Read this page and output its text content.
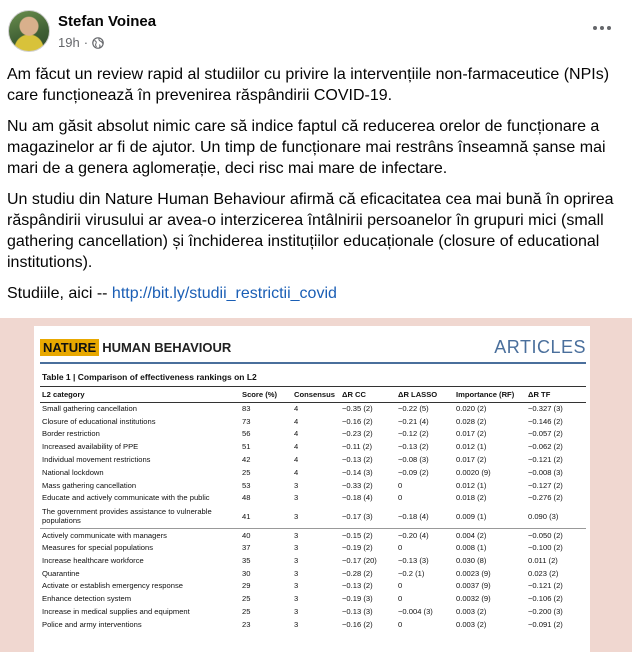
Stefan Voinea
19h ·

Am făcut un review rapid al studiilor cu privire la intervențiile non-farmaceutice (NPIs) care funcționează în prevenirea răspândirii COVID-19.

Nu am găsit absolut nimic care să indice faptul că reducerea orelor de funcționare a magazinelor ar fi de ajutor. Un timp de funcționare mai restrâns înseamnă șanse mai mari de a genera aglomerație, deci risc mai mare de infectare.

Un studiu din Nature Human Behaviour afirmă că eficacitatea cea mai bună în oprirea răspândirii virusului ar avea-o interzicerea întâlnirii persoanelor în grupuri mici (small gathering cancellation) și închiderea instituțiilor educaționale (closure of educational institutions).

Studiile, aici -- http://bit.ly/studii_restrictii_covid

NATURE HUMAN BEHAVIOUR	ARTICLES
Table 1 | Comparison of effectiveness rankings on L2
L2 category	Score (%)	Consensus	ΔR CC	ΔR LASSO	Importance (RF)	ΔR TF
Small gathering cancellation	83	4	−0.35 (2)	−0.22 (5)	0.020 (2)	−0.327 (3)
Closure of educational institutions	73	4	−0.16 (2)	−0.21 (4)	0.028 (2)	−0.146 (2)
Border restriction	56	4	−0.23 (2)	−0.12 (2)	0.017 (2)	−0.057 (2)
Increased availability of PPE	51	4	−0.11 (2)	−0.13 (2)	0.012 (1)	−0.062 (2)
Individual movement restrictions	42	4	−0.13 (2)	−0.08 (3)	0.017 (2)	−0.121 (2)
National lockdown	25	4	−0.14 (3)	−0.09 (2)	0.0020 (9)	−0.008 (3)
Mass gathering cancellation	53	3	−0.33 (2)	0	0.012 (1)	−0.127 (2)
Educate and actively communicate with the public	48	3	−0.18 (4)	0	0.018 (2)	−0.276 (2)
The government provides assistance to vulnerable populations	41	3	−0.17 (3)	−0.18 (4)	0.009 (1)	0.090 (3)
Actively communicate with managers	40	3	−0.15 (2)	−0.20 (4)	0.004 (2)	−0.050 (2)
Measures for special populations	37	3	−0.19 (2)	0	0.008 (1)	−0.100 (2)
Increase healthcare workforce	35	3	−0.17 (20)	−0.13 (3)	0.030 (8)	0.011 (2)
Quarantine	30	3	−0.28 (2)	−0.2 (1)	0.0023 (9)	0.023 (2)
Activate or establish emergency response	29	3	−0.13 (2)	0	0.0037 (9)	−0.121 (2)
Enhance detection system	25	3	−0.19 (3)	0	0.0032 (9)	−0.106 (2)
Increase in medical supplies and equipment	25	3	−0.13 (3)	−0.004 (3)	0.003 (2)	−0.200 (3)
Police and army interventions	23	3	−0.16 (2)	0	0.003 (2)	−0.091 (2)
